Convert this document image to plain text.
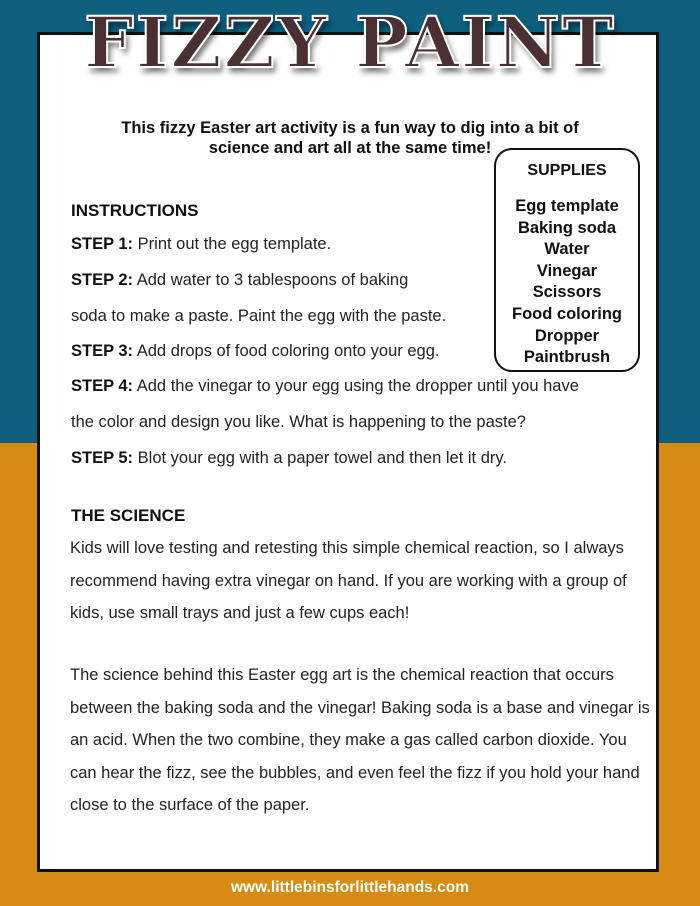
FIZZY PAINT
This fizzy Easter art activity is a fun way to dig into a bit of science and art all at the same time!
SUPPLIES
Egg template
Baking soda
Water
Vinegar
Scissors
Food coloring
Dropper
Paintbrush
INSTRUCTIONS
STEP 1: Print out the egg template.
STEP 2: Add water to 3 tablespoons of baking
soda to make a paste. Paint the egg with the paste.
STEP 3: Add drops of food coloring onto your egg.
STEP 4: Add the vinegar to your egg using the dropper until you have
the color and design you like. What is happening to the paste?
STEP 5: Blot your egg with a paper towel and then let it dry.
THE SCIENCE
Kids will love testing and retesting this simple chemical reaction, so I always recommend having extra vinegar on hand. If you are working with a group of kids, use small trays and just a few cups each!
The science behind this Easter egg art is the chemical reaction that occurs between the baking soda and the vinegar! Baking soda is a base and vinegar is an acid. When the two combine, they make a gas called carbon dioxide. You can hear the fizz, see the bubbles, and even feel the fizz if you hold your hand close to the surface of the paper.
www.littlebinsforlittlehands.com
